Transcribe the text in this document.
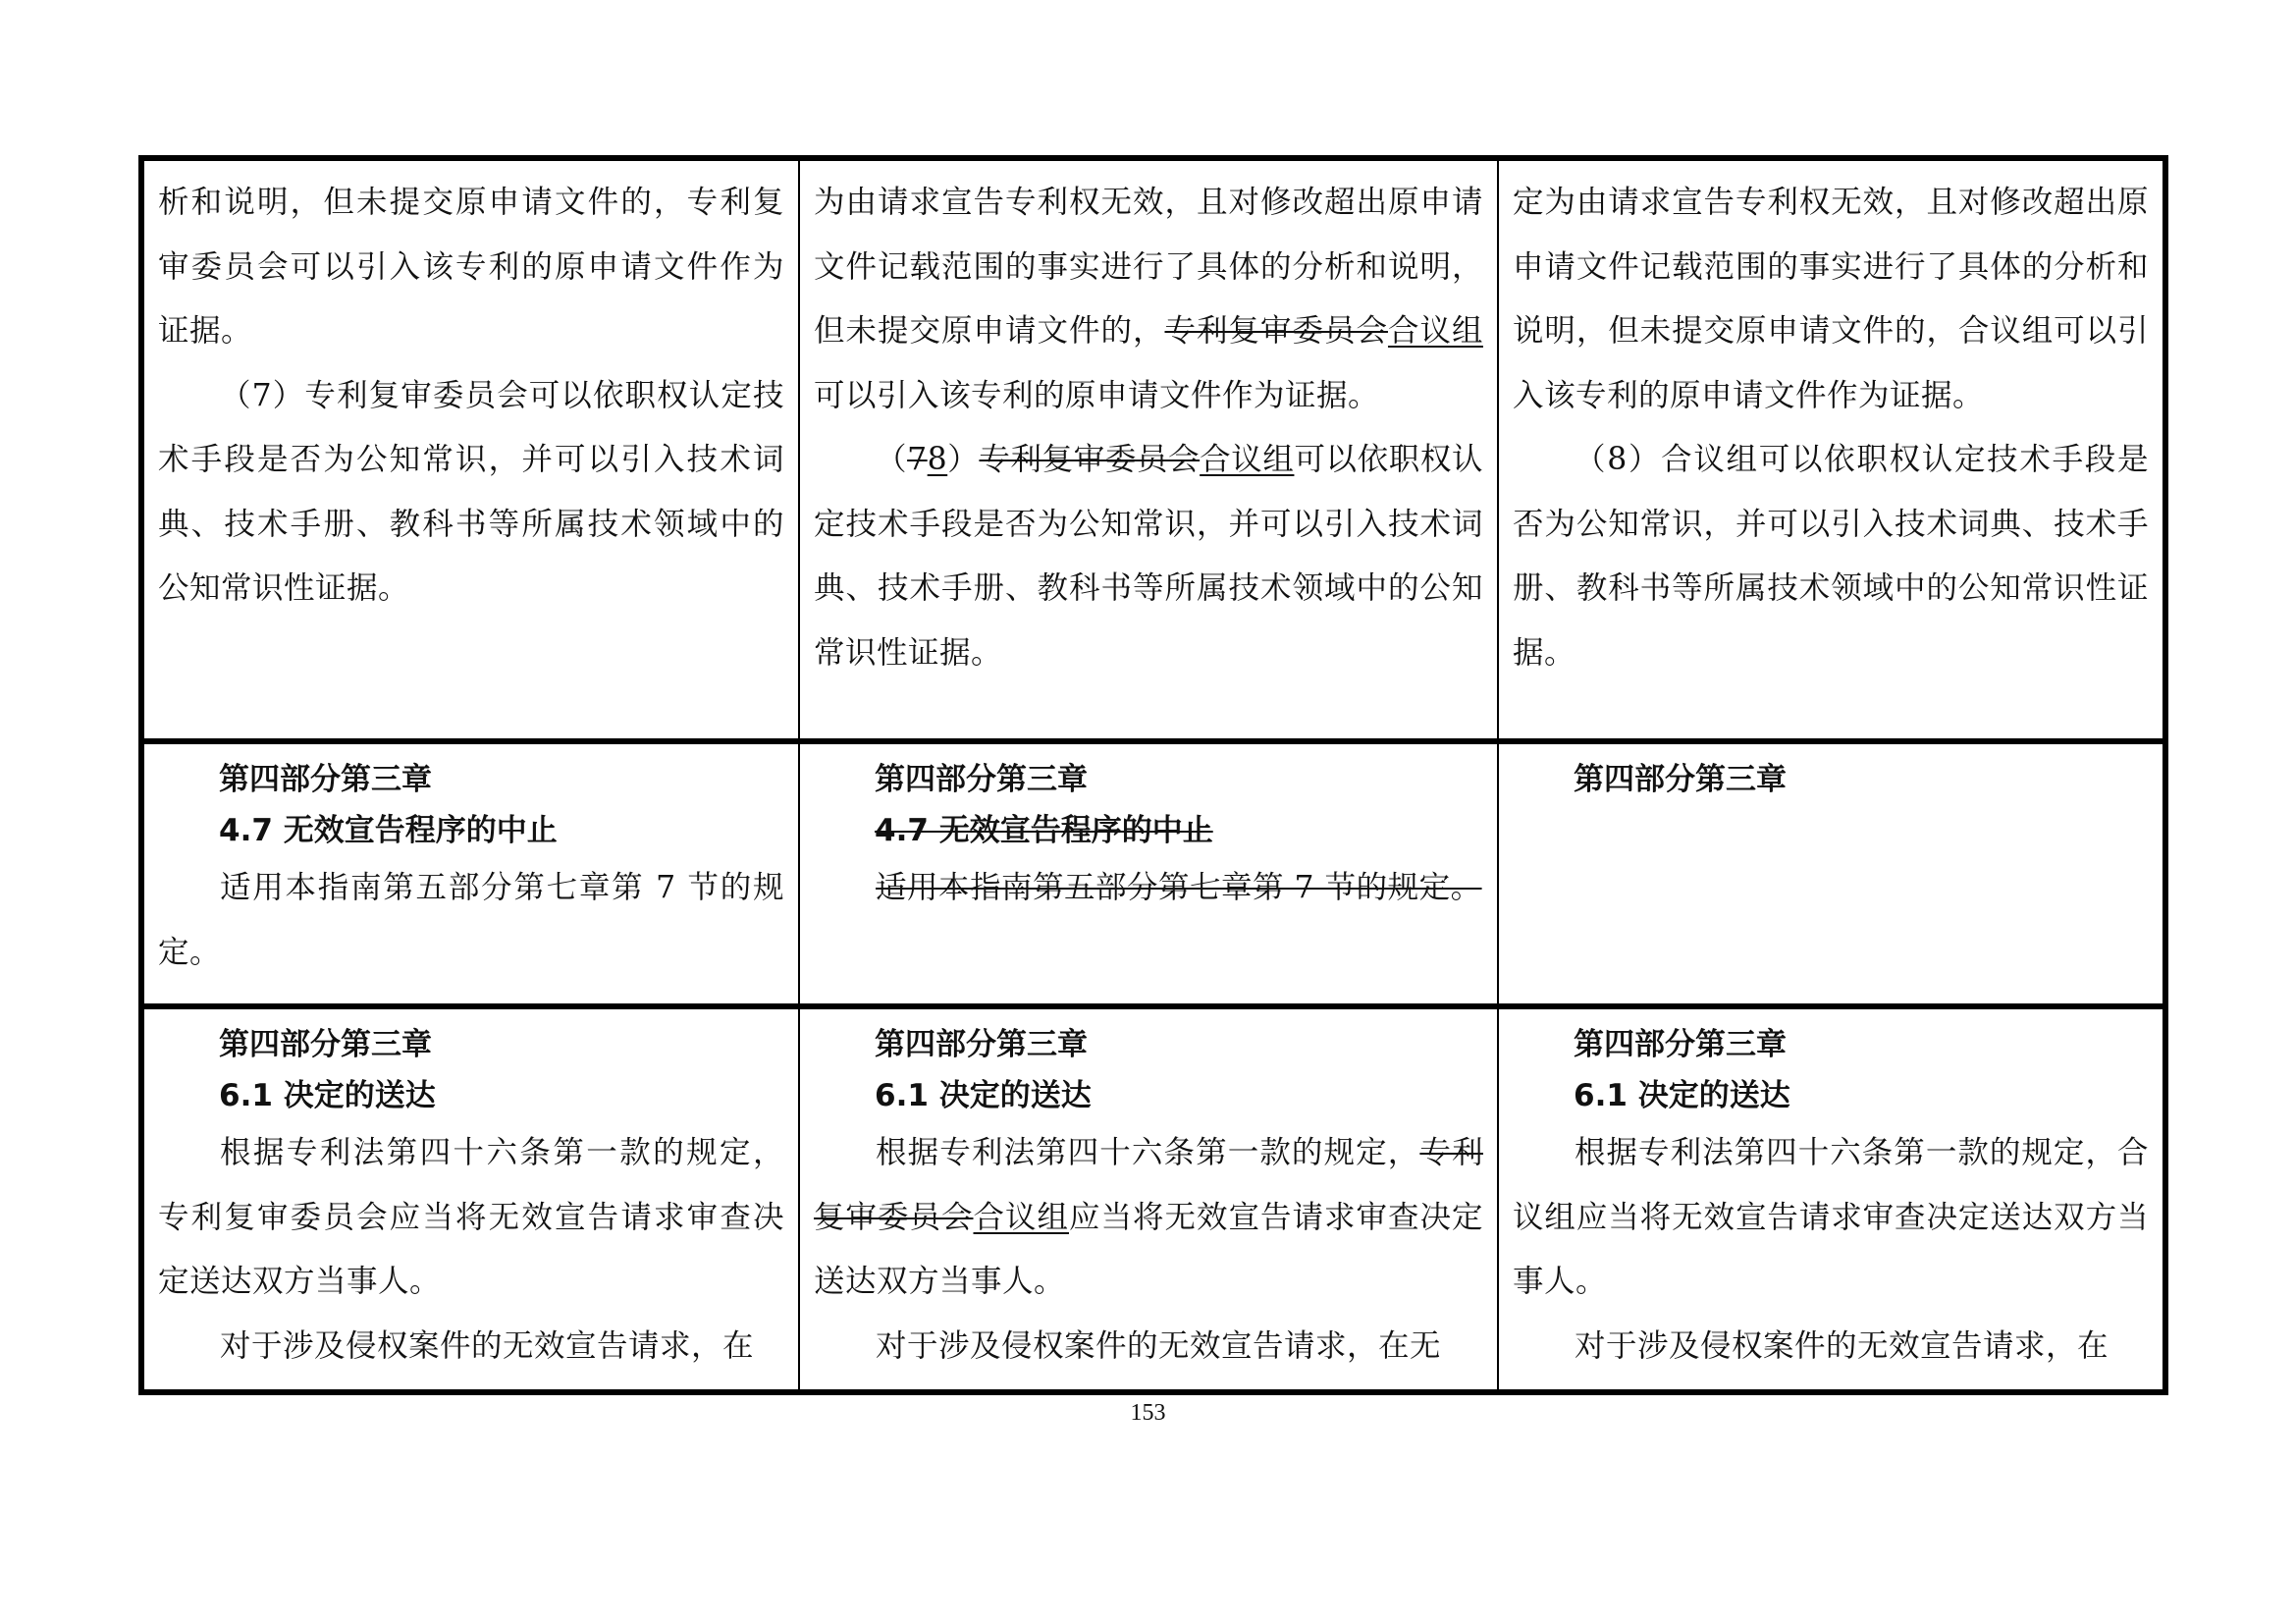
析和说明，但未提交原申请文件的，专利复审委员会可以引入该专利的原申请文件作为证据。

（7）专利复审委员会可以依职权认定技术手段是否为公知常识，并可以引入技术词典、技术手册、教科书等所属技术领域中的公知常识性证据。

为由请求宣告专利权无效，且对修改超出原申请文件记载范围的事实进行了具体的分析和说明，但未提交原申请文件的，专利复审委员会合议组可以引入该专利的原申请文件作为证据。

（78）专利复审委员会合议组可以依职权认定技术手段是否为公知常识，并可以引入技术词典、技术手册、教科书等所属技术领域中的公知常识性证据。

定为由请求宣告专利权无效，且对修改超出原申请文件记载范围的事实进行了具体的分析和说明，但未提交原申请文件的，合议组可以引入该专利的原申请文件作为证据。

（8）合议组可以依职权认定技术手段是否为公知常识，并可以引入技术词典、技术手册、教科书等所属技术领域中的公知常识性证据。

第四部分第三章

4.7 无效宣告程序的中止

适用本指南第五部分第七章第 7 节的规定。

第四部分第三章

4.7 无效宣告程序的中止

适用本指南第五部分第七章第 7 节的规定。

第四部分第三章

第四部分第三章

6.1 决定的送达

根据专利法第四十六条第一款的规定，专利复审委员会应当将无效宣告请求审查决定送达双方当事人。

对于涉及侵权案件的无效宣告请求，在

第四部分第三章

6.1 决定的送达

根据专利法第四十六条第一款的规定，专利复审委员会合议组应当将无效宣告请求审查决定送达双方当事人。

对于涉及侵权案件的无效宣告请求，在无

第四部分第三章

6.1 决定的送达

根据专利法第四十六条第一款的规定，合议组应当将无效宣告请求审查决定送达双方当事人。

对于涉及侵权案件的无效宣告请求，在

153
